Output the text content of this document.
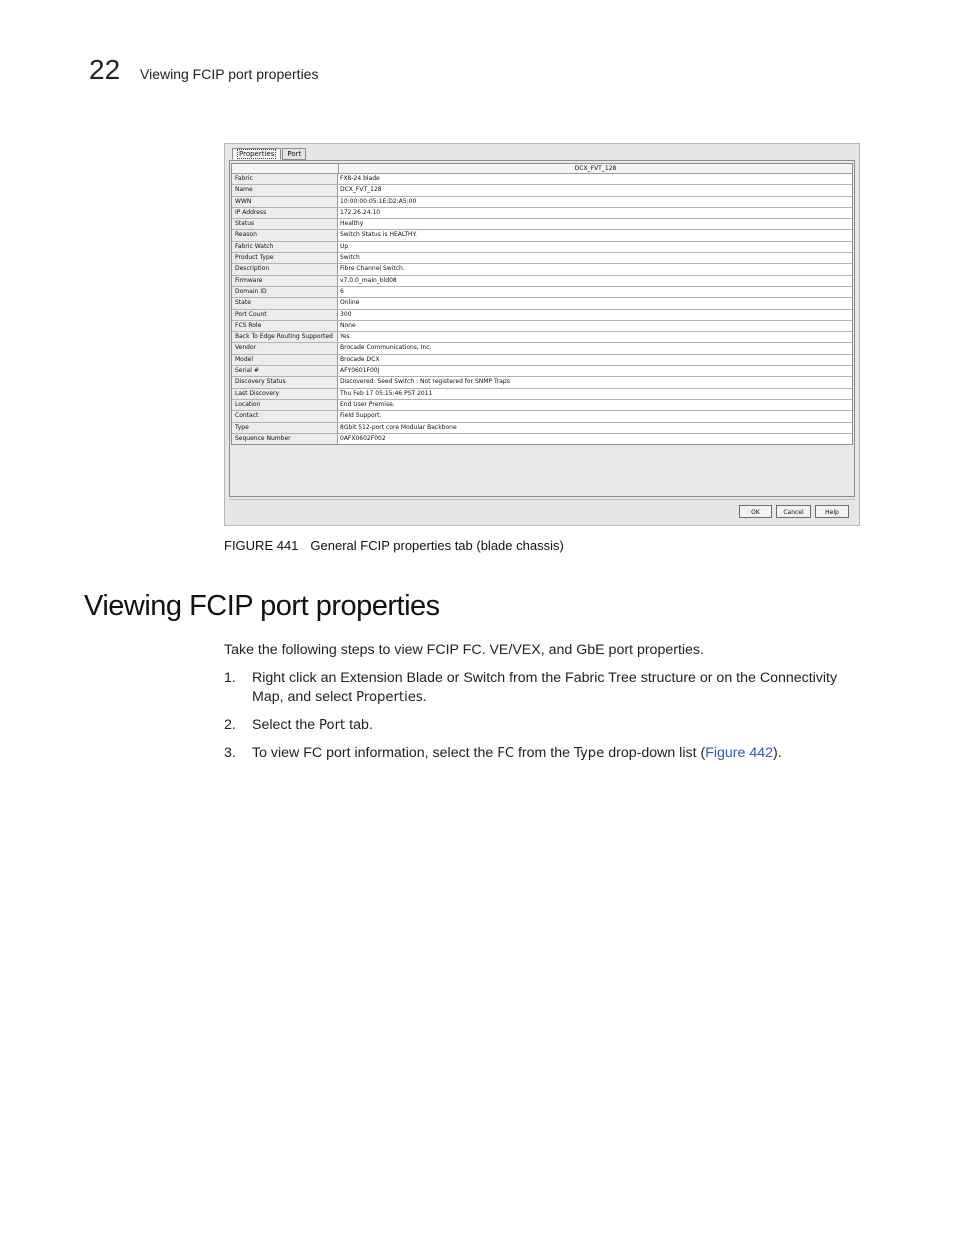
22 Viewing FCIP port properties
Properties	Port
DCX_FVT_128
Fabric	FX8-24 blade
Name	DCX_FVT_128
WWN	10:00:00:05:1E:D2:A5:00
IP Address	172.26.24.10
Status	Healthy
Reason	Switch Status is HEALTHY.
Fabric Watch	Up
Product Type	Switch
Description	Fibre Channel Switch.
Firmware	v7.0.0_main_bld08
Domain ID	6
State	Online
Port Count	300
FCS Role	None
Back To Edge Routing Supported	Yes
Vendor	Brocade Communications, Inc.
Model	Brocade DCX
Serial #	AFY0601F00J
Discovery Status	Discovered: Seed Switch : Not registered for SNMP Traps
Last Discovery	Thu Feb 17 05:15:46 PST 2011
Location	End User Premise.
Contact	Field Support.
Type	8Gbit 512-port core Modular Backbone
Sequence Number	0AFX0602F002
OK	Cancel	Help
FIGURE 441 General FCIP properties tab (blade chassis)
Viewing FCIP port properties
Take the following steps to view FCIP FC. VE/VEX, and GbE port properties.
1. Right click an Extension Blade or Switch from the Fabric Tree structure or on the Connectivity Map, and select Properties.
2. Select the Port tab.
3. To view FC port information, select the FC from the Type drop-down list (Figure 442).
